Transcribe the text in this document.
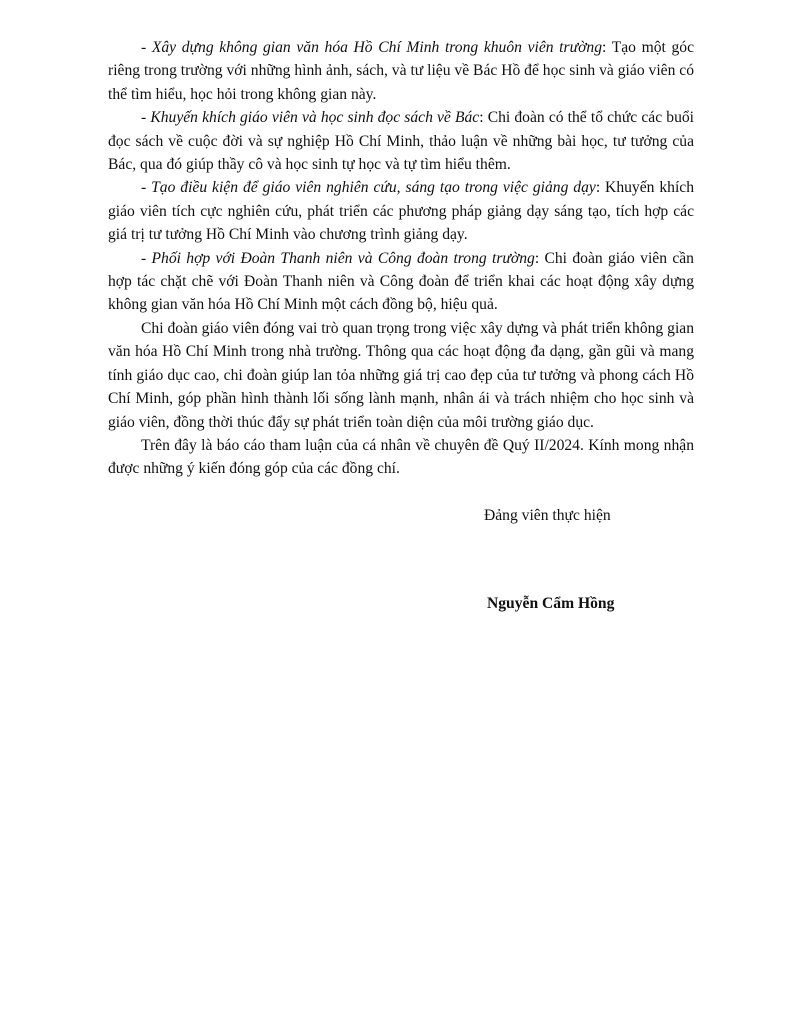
- Xây dựng không gian văn hóa Hồ Chí Minh trong khuôn viên trường: Tạo một góc riêng trong trường với những hình ảnh, sách, và tư liệu về Bác Hồ để học sinh và giáo viên có thể tìm hiểu, học hỏi trong không gian này.

- Khuyến khích giáo viên và học sinh đọc sách về Bác: Chi đoàn có thể tổ chức các buổi đọc sách về cuộc đời và sự nghiệp Hồ Chí Minh, thảo luận về những bài học, tư tưởng của Bác, qua đó giúp thầy cô và học sinh tự học và tự tìm hiểu thêm.

- Tạo điều kiện để giáo viên nghiên cứu, sáng tạo trong việc giảng dạy: Khuyến khích giáo viên tích cực nghiên cứu, phát triển các phương pháp giảng dạy sáng tạo, tích hợp các giá trị tư tưởng Hồ Chí Minh vào chương trình giảng dạy.

- Phối hợp với Đoàn Thanh niên và Công đoàn trong trường: Chi đoàn giáo viên cần hợp tác chặt chẽ với Đoàn Thanh niên và Công đoàn để triển khai các hoạt động xây dựng không gian văn hóa Hồ Chí Minh một cách đồng bộ, hiệu quả.

Chi đoàn giáo viên đóng vai trò quan trọng trong việc xây dựng và phát triển không gian văn hóa Hồ Chí Minh trong nhà trường. Thông qua các hoạt động đa dạng, gần gũi và mang tính giáo dục cao, chi đoàn giúp lan tỏa những giá trị cao đẹp của tư tưởng và phong cách Hồ Chí Minh, góp phần hình thành lối sống lành mạnh, nhân ái và trách nhiệm cho học sinh và giáo viên, đồng thời thúc đẩy sự phát triển toàn diện của môi trường giáo dục.

Trên đây là báo cáo tham luận của cá nhân về chuyên đề Quý II/2024. Kính mong nhận được những ý kiến đóng góp của các đồng chí.

Đảng viên thực hiện
Nguyễn Cẩm Hồng
